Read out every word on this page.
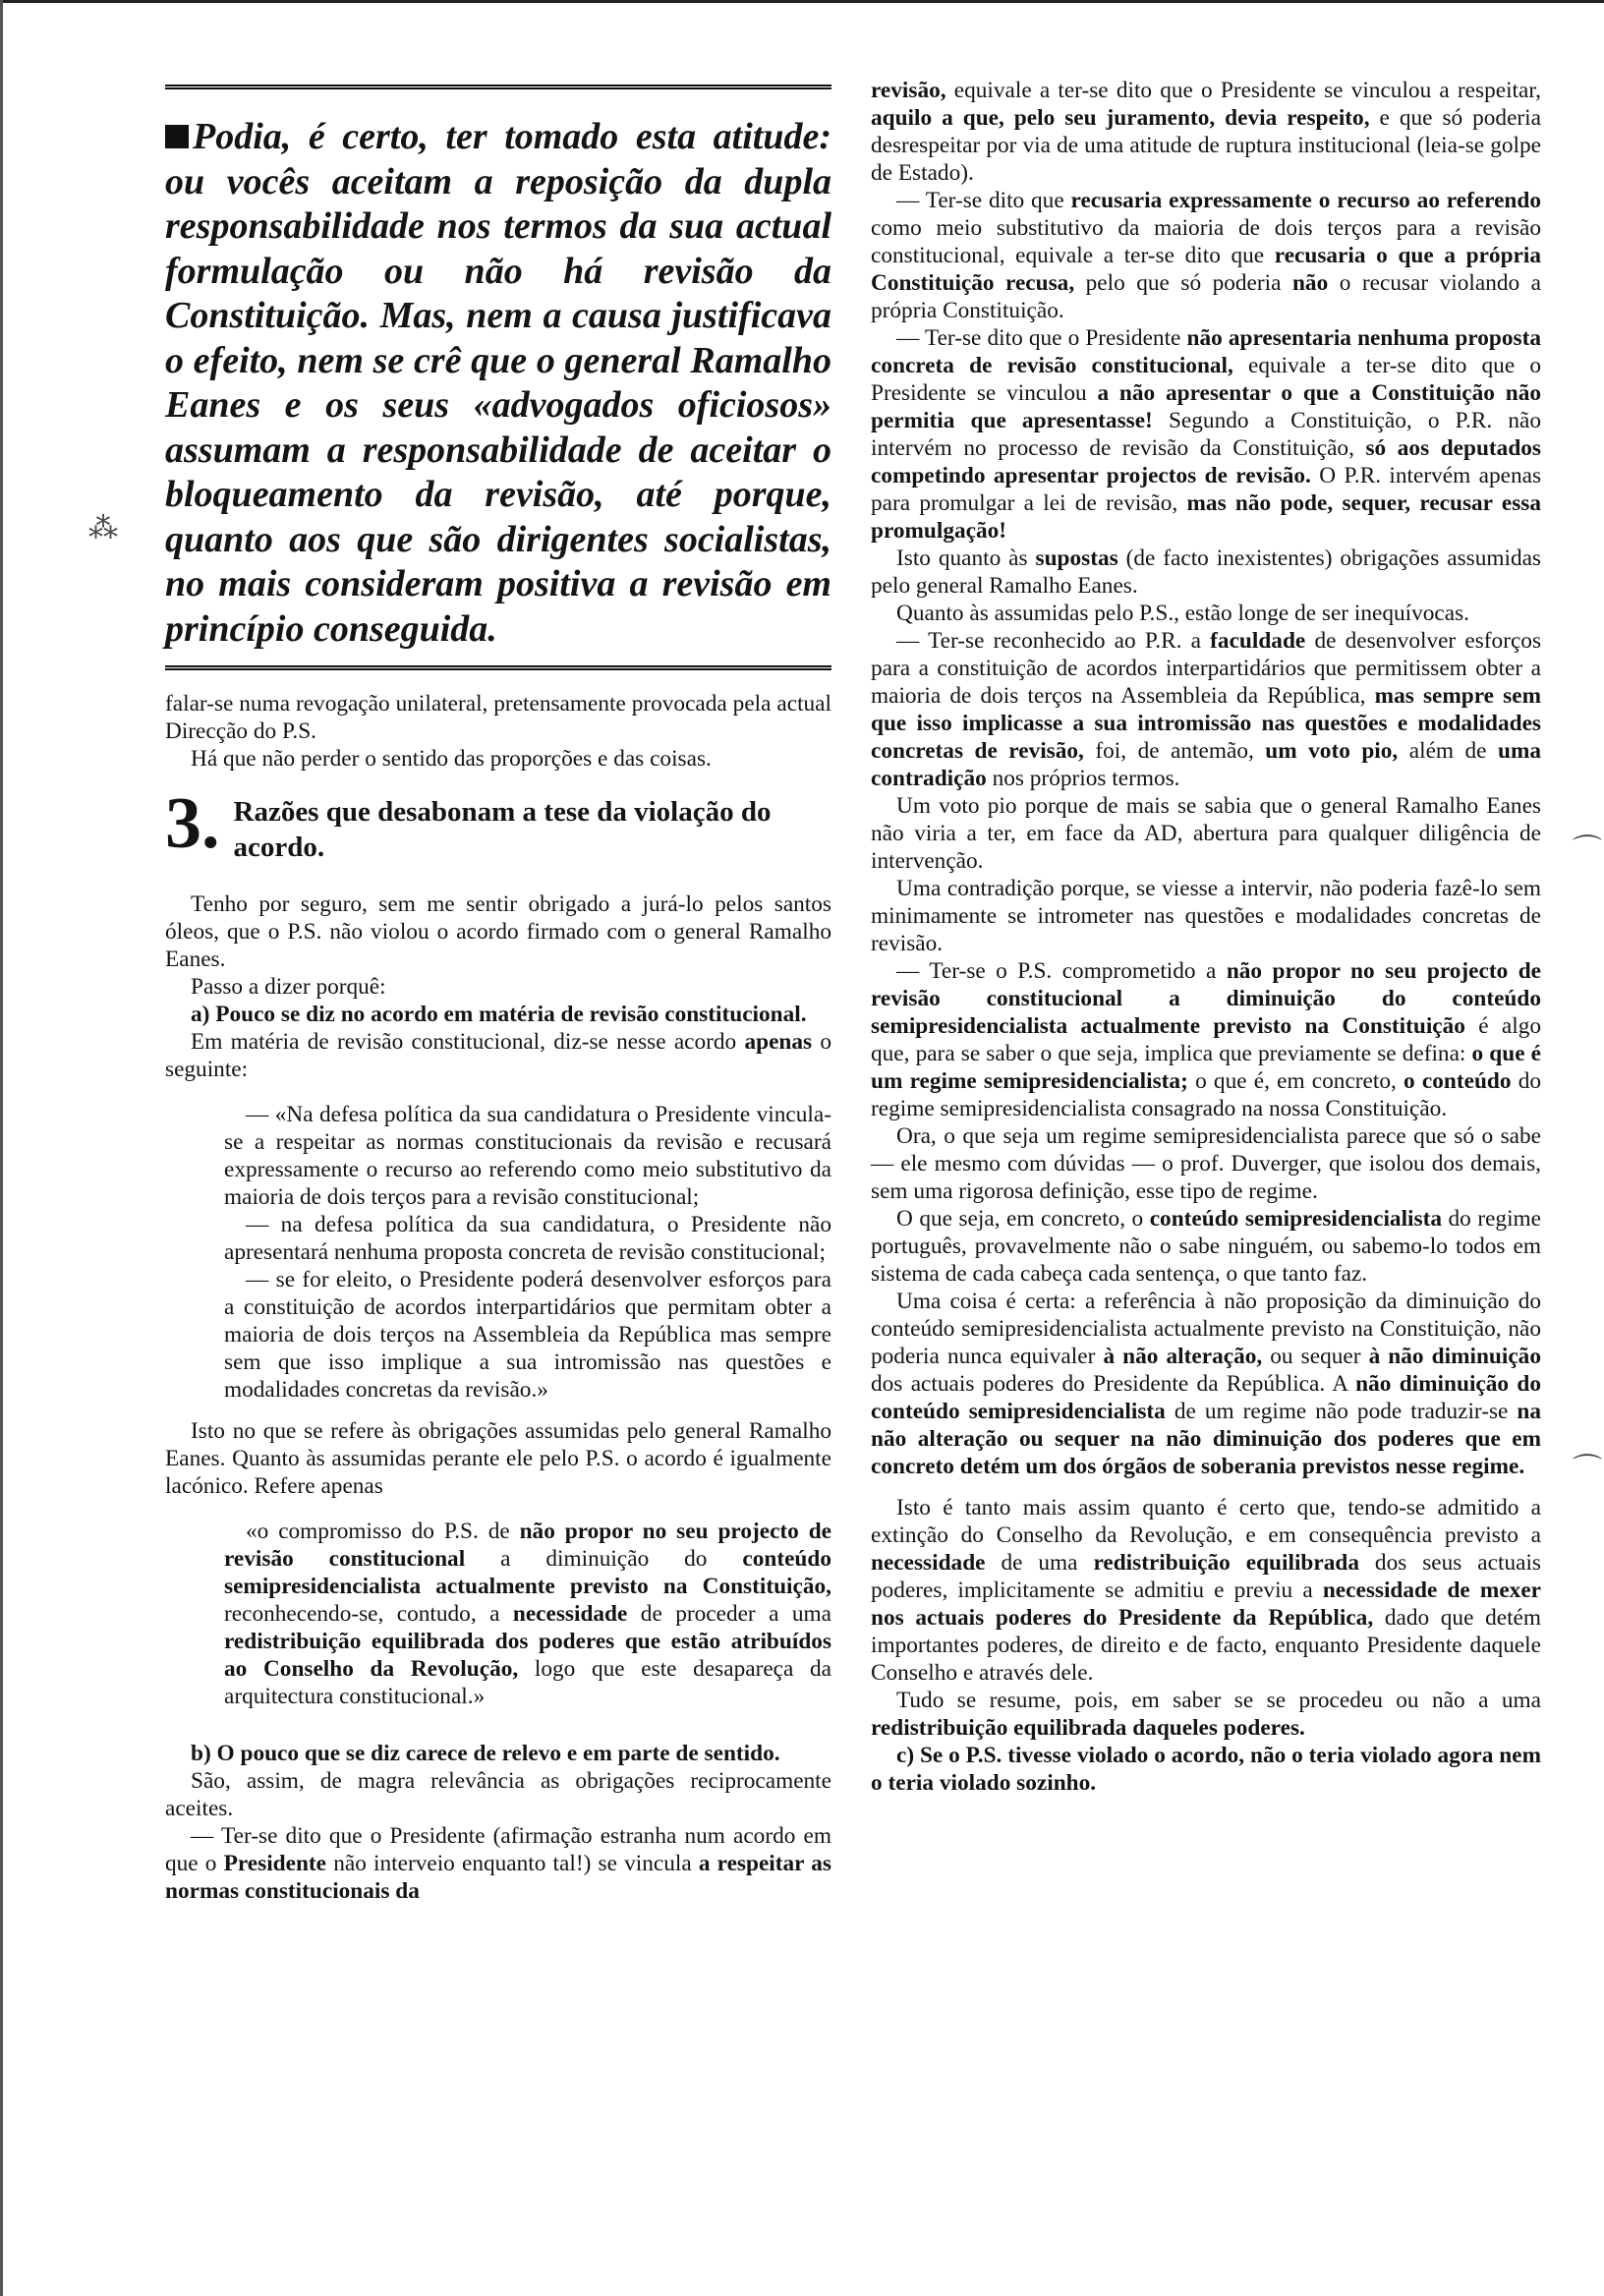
⁂
⌒
⌒

Podia, é certo, ter tomado esta atitude: ou vocês aceitam a reposição da dupla responsabilidade nos termos da sua actual formulação ou não há revisão da Constituição. Mas, nem a causa justificava o efeito, nem se crê que o general Ramalho Eanes e os seus «advogados oficiosos» assumam a responsabilidade de aceitar o bloqueamento da revisão, até porque, quanto aos que são dirigentes socialistas, no mais consideram positiva a revisão em princípio conseguida.

falar-se numa revogação unilateral, pretensamente provocada pela actual Direcção do P.S.

Há que não perder o sentido das proporções e das coisas.

3. Razões que desabonam a tese da violação do acordo.

Tenho por seguro, sem me sentir obrigado a jurá-lo pelos santos óleos, que o P.S. não violou o acordo firmado com o general Ramalho Eanes.

Passo a dizer porquê:

a) Pouco se diz no acordo em matéria de revisão constitucional.

Em matéria de revisão constitucional, diz-se nesse acordo apenas o seguinte:

— «Na defesa política da sua candidatura o Presidente vincula-se a respeitar as normas constitucionais da revisão e recusará expressamente o recurso ao referendo como meio substitutivo da maioria de dois terços para a revisão constitucional;

— na defesa política da sua candidatura, o Presidente não apresentará nenhuma proposta concreta de revisão constitucional;

— se for eleito, o Presidente poderá desenvolver esforços para a constituição de acordos interpartidários que permitam obter a maioria de dois terços na Assembleia da República mas sempre sem que isso implique a sua intromissão nas questões e modalidades concretas da revisão.»

Isto no que se refere às obrigações assumidas pelo general Ramalho Eanes. Quanto às assumidas perante ele pelo P.S. o acordo é igualmente lacónico. Refere apenas

«o compromisso do P.S. de não propor no seu projecto de revisão constitucional a diminuição do conteúdo semipresidencialista actualmente previsto na Constituição, reconhecendo-se, contudo, a necessidade de proceder a uma redistribuição equilibrada dos poderes que estão atribuídos ao Conselho da Revolução, logo que este desapareça da arquitectura constitucional.»

b) O pouco que se diz carece de relevo e em parte de sentido.

São, assim, de magra relevância as obrigações reciprocamente aceites.

— Ter-se dito que o Presidente (afirmação estranha num acordo em que o Presidente não interveio enquanto tal!) se vincula a respeitar as normas constitucionais da

revisão, equivale a ter-se dito que o Presidente se vinculou a respeitar, aquilo a que, pelo seu juramento, devia respeito, e que só poderia desrespeitar por via de uma atitude de ruptura institucional (leia-se golpe de Estado).

— Ter-se dito que recusaria expressamente o recurso ao referendo como meio substitutivo da maioria de dois terços para a revisão constitucional, equivale a ter-se dito que recusaria o que a própria Constituição recusa, pelo que só poderia não o recusar violando a própria Constituição.

— Ter-se dito que o Presidente não apresentaria nenhuma proposta concreta de revisão constitucional, equivale a ter-se dito que o Presidente se vinculou a não apresentar o que a Constituição não permitia que apresentasse! Segundo a Constituição, o P.R. não intervém no processo de revisão da Constituição, só aos deputados competindo apresentar projectos de revisão. O P.R. intervém apenas para promulgar a lei de revisão, mas não pode, sequer, recusar essa promulgação!

Isto quanto às supostas (de facto inexistentes) obrigações assumidas pelo general Ramalho Eanes.

Quanto às assumidas pelo P.S., estão longe de ser inequívocas.

— Ter-se reconhecido ao P.R. a faculdade de desenvolver esforços para a constituição de acordos interpartidários que permitissem obter a maioria de dois terços na Assembleia da República, mas sempre sem que isso implicasse a sua intromissão nas questões e modalidades concretas de revisão, foi, de antemão, um voto pio, além de uma contradição nos próprios termos.

Um voto pio porque de mais se sabia que o general Ramalho Eanes não viria a ter, em face da AD, abertura para qualquer diligência de intervenção.

Uma contradição porque, se viesse a intervir, não poderia fazê-lo sem minimamente se intrometer nas questões e modalidades concretas de revisão.

— Ter-se o P.S. comprometido a não propor no seu projecto de revisão constitucional a diminuição do conteúdo semipresidencialista actualmente previsto na Constituição é algo que, para se saber o que seja, implica que previamente se defina: o que é um regime semipresidencialista; o que é, em concreto, o conteúdo do regime semipresidencialista consagrado na nossa Constituição.

Ora, o que seja um regime semipresidencialista parece que só o sabe — ele mesmo com dúvidas — o prof. Duverger, que isolou dos demais, sem uma rigorosa definição, esse tipo de regime.

O que seja, em concreto, o conteúdo semipresidencialista do regime português, provavelmente não o sabe ninguém, ou sabemo-lo todos em sistema de cada cabeça cada sentença, o que tanto faz.

Uma coisa é certa: a referência à não proposição da diminuição do conteúdo semipresidencialista actualmente previsto na Constituição, não poderia nunca equivaler à não alteração, ou sequer à não diminuição dos actuais poderes do Presidente da República. A não diminuição do conteúdo semipresidencialista de um regime não pode traduzir-se na não alteração ou sequer na não diminuição dos poderes que em concreto detém um dos órgãos de soberania previstos nesse regime.

Isto é tanto mais assim quanto é certo que, tendo-se admitido a extinção do Conselho da Revolução, e em consequência previsto a necessidade de uma redistribuição equilibrada dos seus actuais poderes, implicitamente se admitiu e previu a necessidade de mexer nos actuais poderes do Presidente da República, dado que detém importantes poderes, de direito e de facto, enquanto Presidente daquele Conselho e através dele.

Tudo se resume, pois, em saber se se procedeu ou não a uma redistribuição equilibrada daqueles poderes.

c) Se o P.S. tivesse violado o acordo, não o teria violado agora nem o teria violado sozinho.
